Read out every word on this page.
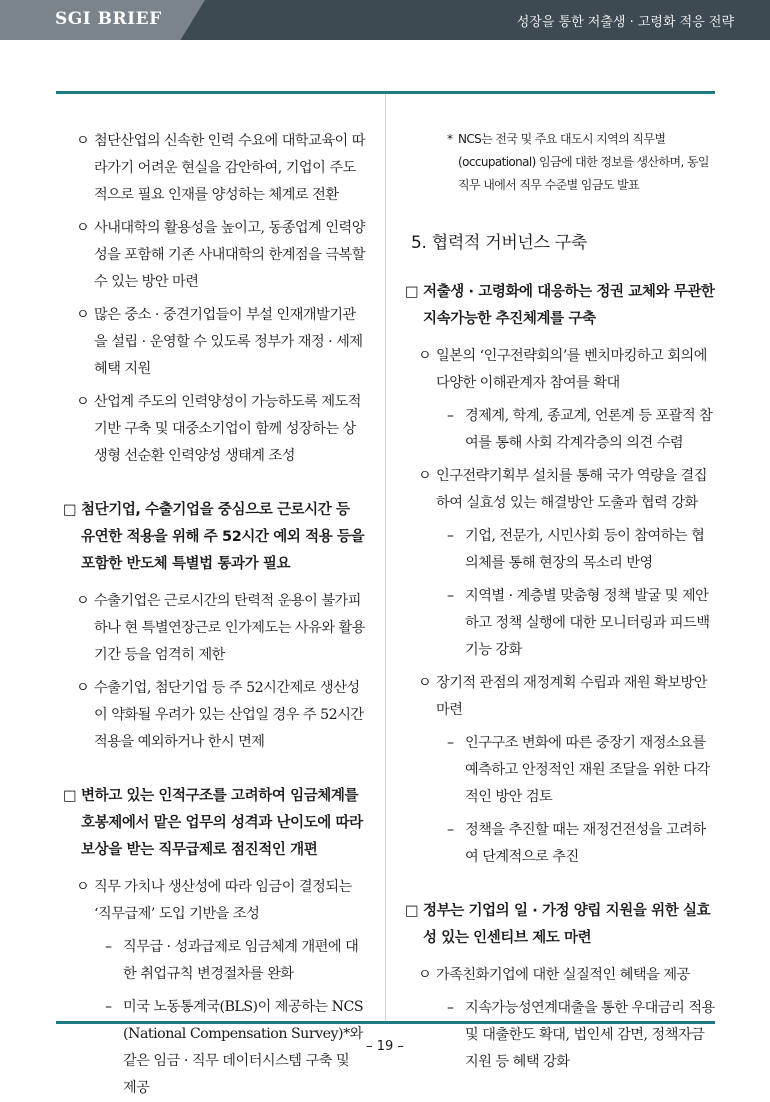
SGI BRIEF	성장을 통한 저출생 · 고령화 적응 전략
ㅇ 첨단산업의 신속한 인력 수요에 대학교육이 따라가기 어려운 현실을 감안하여, 기업이 주도적으로 필요 인재를 양성하는 체계로 전환
ㅇ 사내대학의 활용성을 높이고, 동종업계 인력양성을 포함해 기존 사내대학의 한계점을 극복할 수 있는 방안 마련
ㅇ 많은 중소 · 중견기업들이 부설 인재개발기관을 설립 · 운영할 수 있도록 정부가 재정 · 세제혜택 지원
ㅇ 산업계 주도의 인력양성이 가능하도록 제도적 기반 구축 및 대중소기업이 함께 성장하는 상생형 선순환 인력양성 생태계 조성
□ 첨단기업, 수출기업을 중심으로 근로시간 등 유연한 적용을 위해 주 52시간 예외 적용 등을 포함한 반도체 특별법 통과가 필요
ㅇ 수출기업은 근로시간의 탄력적 운용이 불가피하나 현 특별연장근로 인가제도는 사유와 활용기간 등을 엄격히 제한
ㅇ 수출기업, 첨단기업 등 주 52시간제로 생산성이 약화될 우려가 있는 산업일 경우 주 52시간 적용을 예외하거나 한시 면제
□ 변하고 있는 인적구조를 고려하여 임금체계를 호봉제에서 맡은 업무의 성격과 난이도에 따라 보상을 받는 직무급제로 점진적인 개편
ㅇ 직무 가치나 생산성에 따라 임금이 결정되는 ‘직무급제’ 도입 기반을 조성
– 직무급 · 성과급제로 임금체계 개편에 대한 취업규칙 변경절차를 완화
– 미국 노동통계국(BLS)이 제공하는 NCS (National Compensation Survey)*와 같은 임금 · 직무 데이터시스템 구축 및 제공
* NCS는 전국 및 주요 대도시 지역의 직무별 (occupational) 임금에 대한 정보를 생산하며, 동일 직무 내에서 직무 수준별 임금도 발표
5. 협력적 거버넌스 구축
□ 저출생 · 고령화에 대응하는 정권 교체와 무관한 지속가능한 추진체계를 구축
ㅇ 일본의 ‘인구전략회의’를 벤치마킹하고 회의에 다양한 이해관계자 참여를 확대
– 경제계, 학계, 종교계, 언론계 등 포괄적 참여를 통해 사회 각계각층의 의견 수렴
ㅇ 인구전략기획부 설치를 통해 국가 역량을 결집하여 실효성 있는 해결방안 도출과 협력 강화
– 기업, 전문가, 시민사회 등이 참여하는 협의체를 통해 현장의 목소리 반영
– 지역별 · 계층별 맞춤형 정책 발굴 및 제안하고 정책 실행에 대한 모니터링과 피드백 기능 강화
ㅇ 장기적 관점의 재정계획 수립과 재원 확보방안 마련
– 인구구조 변화에 따른 중장기 재정소요를 예측하고 안정적인 재원 조달을 위한 다각적인 방안 검토
– 정책을 추진할 때는 재정건전성을 고려하여 단계적으로 추진
□ 정부는 기업의 일 · 가정 양립 지원을 위한 실효성 있는 인센티브 제도 마련
ㅇ 가족친화기업에 대한 실질적인 혜택을 제공
– 지속가능성연계대출을 통한 우대금리 적용 및 대출한도 확대, 법인세 감면, 정책자금 지원 등 혜택 강화
– 19 –
